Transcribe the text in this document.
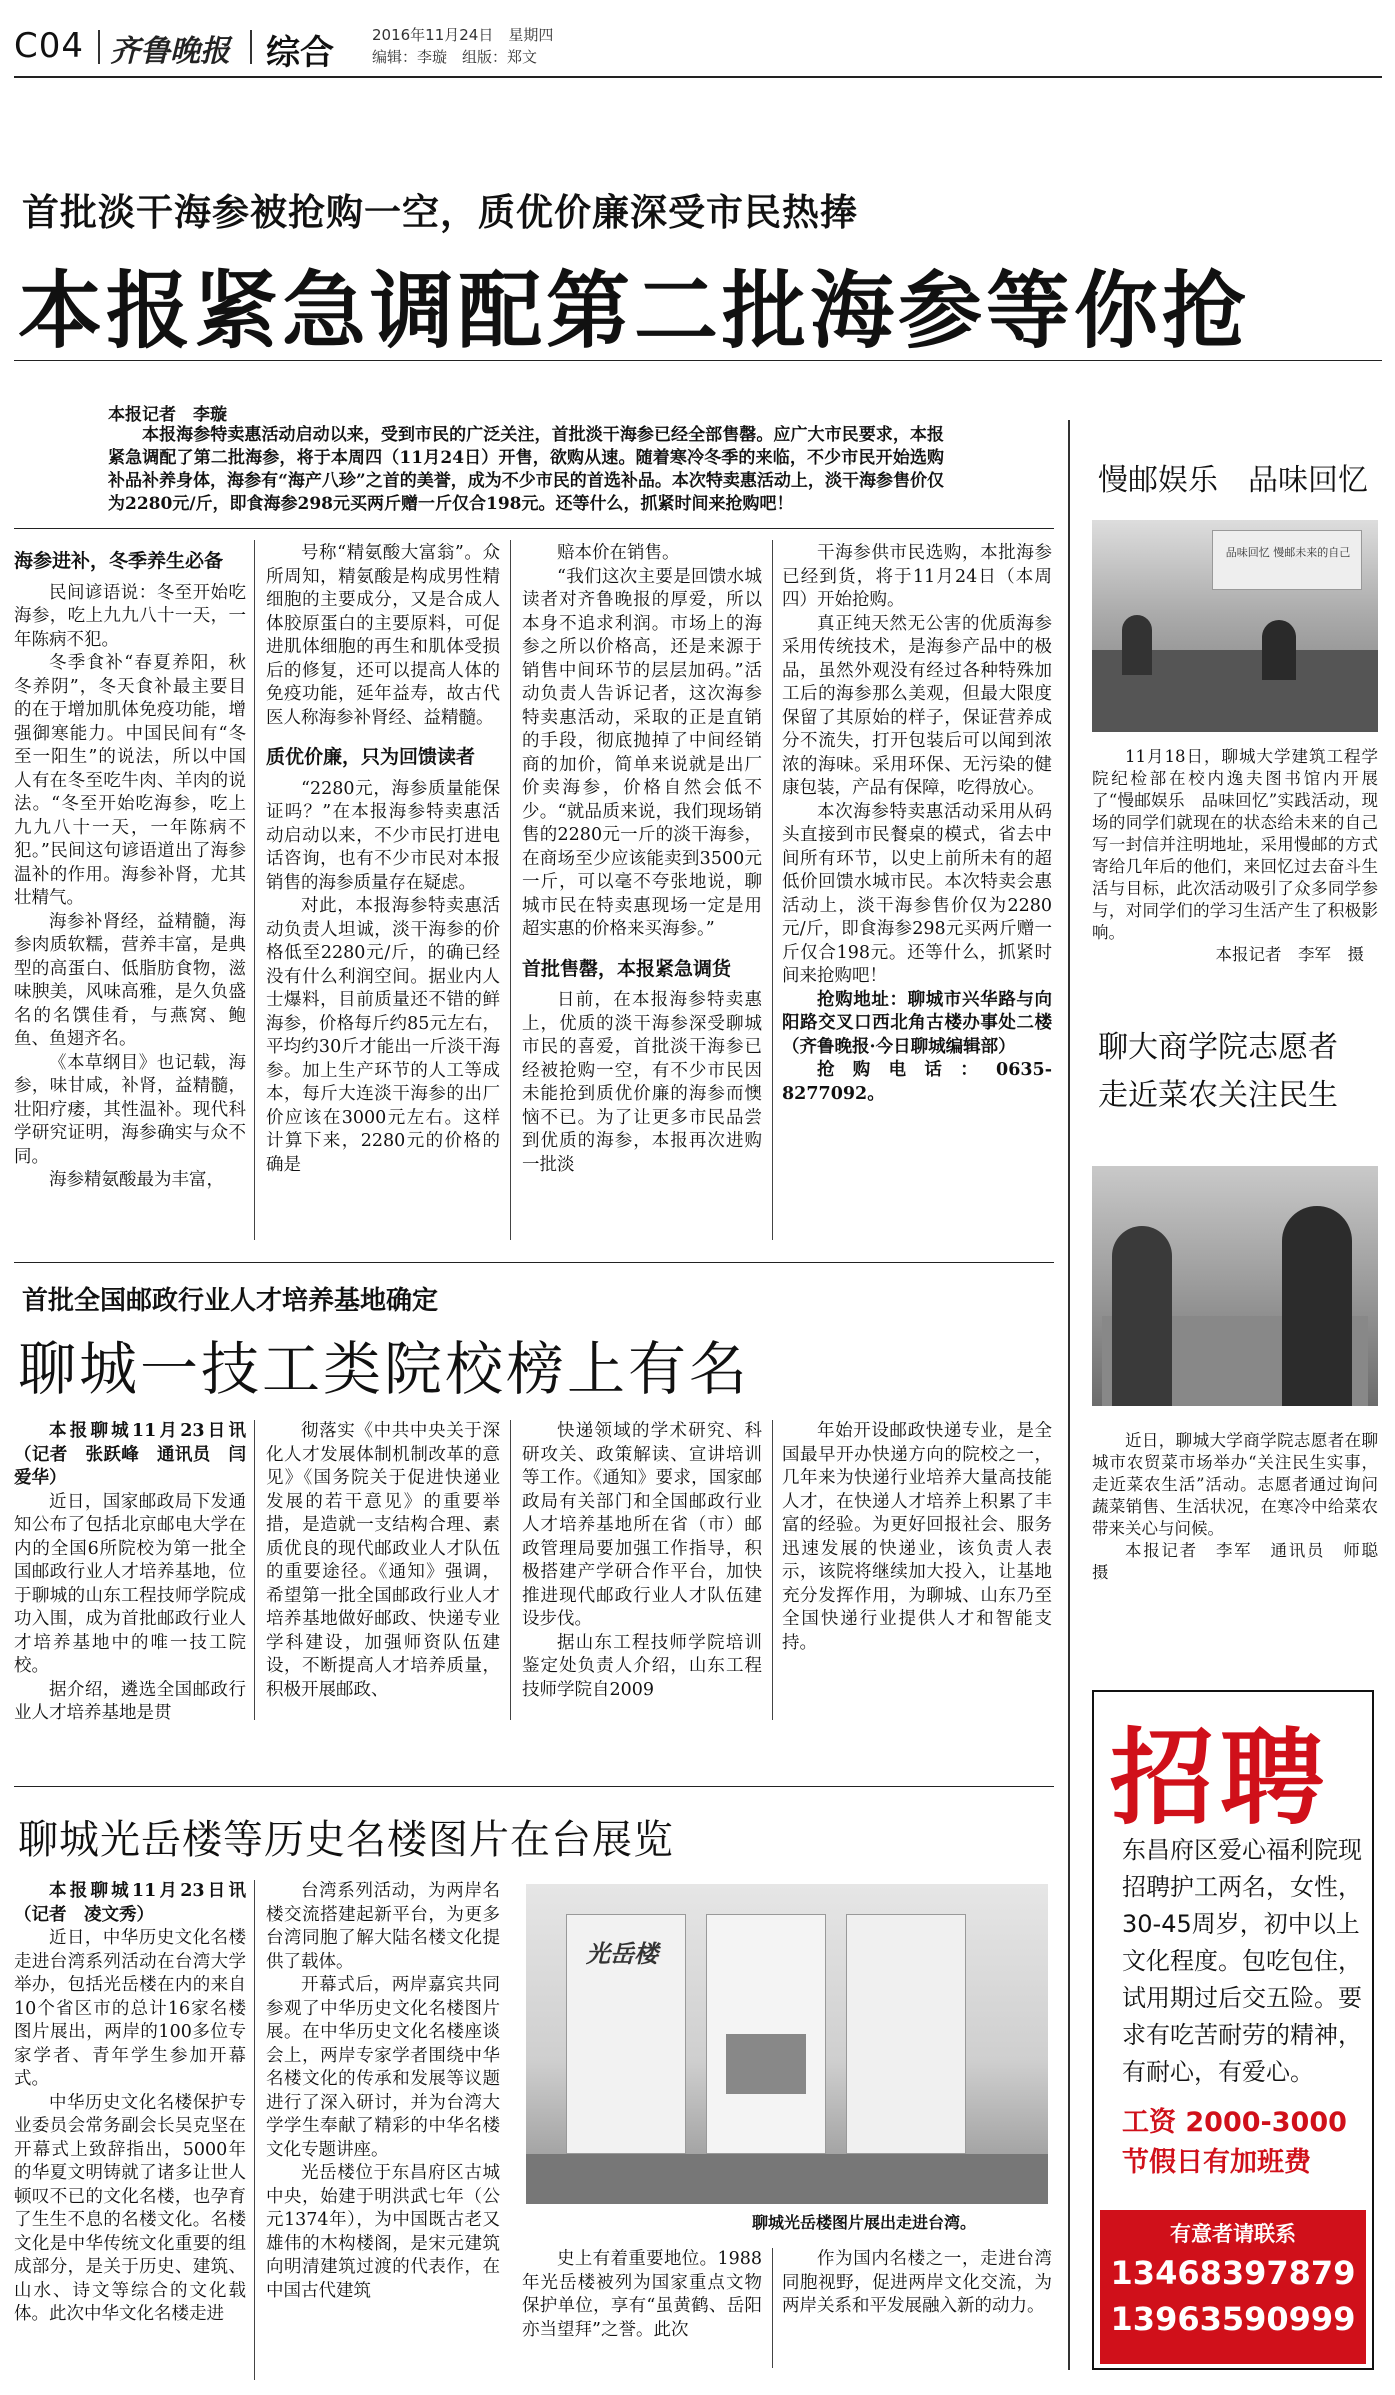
C04 齐鲁晚报 综合	2016年11月24日　星期四
编辑：李璇　组版：郑文
首批淡干海参被抢购一空，质优价廉深受市民热捧
本报紧急调配第二批海参等你抢
本报记者　李璇

本报海参特卖惠活动启动以来，受到市民的广泛关注，首批淡干海参已经全部售罄。应广大市民要求，本报紧急调配了第二批海参，将于本周四（11月24日）开售，欲购从速。随着寒冷冬季的来临，不少市民开始选购补品补养身体，海参有“海产八珍”之首的美誉，成为不少市民的首选补品。本次特卖惠活动上，淡干海参售价仅为2280元/斤，即食海参298元买两斤赠一斤仅合198元。还等什么，抓紧时间来抢购吧！

海参进补，冬季养生必备

民间谚语说：冬至开始吃海参，吃上九九八十一天，一年陈病不犯。

冬季食补“春夏养阳，秋冬养阴”，冬天食补最主要目的在于增加肌体免疫功能，增强御寒能力。中国民间有“冬至一阳生”的说法，所以中国人有在冬至吃牛肉、羊肉的说法。“冬至开始吃海参，吃上九九八十一天，一年陈病不犯。”民间这句谚语道出了海参温补的作用。海参补肾，尤其壮精气。

海参补肾经，益精髓，海参肉质软糯，营养丰富，是典型的高蛋白、低脂肪食物，滋味腴美，风味高雅，是久负盛名的名馔佳肴，与燕窝、鲍鱼、鱼翅齐名。

《本草纲目》也记载，海参，味甘咸，补肾，益精髓，壮阳疗痿，其性温补。现代科学研究证明，海参确实与众不同。

海参精氨酸最为丰富，

号称“精氨酸大富翁”。众所周知，精氨酸是构成男性精细胞的主要成分，又是合成人体胶原蛋白的主要原料，可促进肌体细胞的再生和肌体受损后的修复，还可以提高人体的免疫功能，延年益寿，故古代医人称海参补肾经、益精髓。

质优价廉，只为回馈读者

“2280元，海参质量能保证吗？”在本报海参特卖惠活动启动以来，不少市民打进电话咨询，也有不少市民对本报销售的海参质量存在疑虑。

对此，本报海参特卖惠活动负责人坦诚，淡干海参的价格低至2280元/斤，的确已经没有什么利润空间。据业内人士爆料，目前质量还不错的鲜海参，价格每斤约85元左右，平均约30斤才能出一斤淡干海参。加上生产环节的人工等成本，每斤大连淡干海参的出厂价应该在3000元左右。这样计算下来，2280元的价格的确是

赔本价在销售。

“我们这次主要是回馈水城读者对齐鲁晚报的厚爱，所以本身不追求利润。市场上的海参之所以价格高，还是来源于销售中间环节的层层加码。”活动负责人告诉记者，这次海参特卖惠活动，采取的正是直销的手段，彻底抛掉了中间经销商的加价，简单来说就是出厂价卖海参，价格自然会低不少。“就品质来说，我们现场销售的2280元一斤的淡干海参，在商场至少应该能卖到3500元一斤，可以毫不夸张地说，聊城市民在特卖惠现场一定是用超实惠的价格来买海参。”

首批售罄，本报紧急调货

日前，在本报海参特卖惠上，优质的淡干海参深受聊城市民的喜爱，首批淡干海参已经被抢购一空，有不少市民因未能抢到质优价廉的海参而懊恼不已。为了让更多市民品尝到优质的海参，本报再次进购一批淡

干海参供市民选购，本批海参已经到货，将于11月24日（本周四）开始抢购。

真正纯天然无公害的优质海参采用传统技术，是海参产品中的极品，虽然外观没有经过各种特殊加工后的海参那么美观，但最大限度保留了其原始的样子，保证营养成分不流失，打开包装后可以闻到浓浓的海味。采用环保、无污染的健康包装，产品有保障，吃得放心。

本次海参特卖惠活动采用从码头直接到市民餐桌的模式，省去中间所有环节，以史上前所未有的超低价回馈水城市民。本次特卖会惠活动上，淡干海参售价仅为2280元/斤，即食海参298元买两斤赠一斤仅合198元。还等什么，抓紧时间来抢购吧！

抢购地址：聊城市兴华路与向阳路交叉口西北角古楼办事处二楼（齐鲁晚报·今日聊城编辑部）
抢购电话：0635-8277092。
慢邮娱乐　品味回忆
品味回忆 慢邮未来的自己

11月18日，聊城大学建筑工程学院纪检部在校内逸夫图书馆内开展了“慢邮娱乐　品味回忆”实践活动，现场的同学们就现在的状态给未来的自己写一封信并注明地址，采用慢邮的方式寄给几年后的他们，来回忆过去奋斗生活与目标，此次活动吸引了众多同学参与，对同学们的学习生活产生了积极影响。

本报记者　李军　摄
聊大商学院志愿者
走近菜农关注民生

近日，聊城大学商学院志愿者在聊城市农贸菜市场举办“关注民生实事，走近菜农生活”活动。志愿者通过询问蔬菜销售、生活状况，在寒冷中给菜农带来关心与问候。

本报记者　李军　通讯员　师聪　摄
招聘
东昌府区爱心福利院现招聘护工两名，女性，30-45周岁，初中以上文化程度。包吃包住，试用期过后交五险。要求有吃苦耐劳的精神，有耐心，有爱心。
工资 2000-3000
节假日有加班费
有意者请联系
13468397879
13963590999
首批全国邮政行业人才培养基地确定
聊城一技工类院校榜上有名
本报聊城11月23日讯（记者　张跃峰　通讯员　闫爱华）

近日，国家邮政局下发通知公布了包括北京邮电大学在内的全国6所院校为第一批全国邮政行业人才培养基地，位于聊城的山东工程技师学院成功入围，成为首批邮政行业人才培养基地中的唯一技工院校。

据介绍，遴选全国邮政行业人才培养基地是贯

彻落实《中共中央关于深化人才发展体制机制改革的意见》《国务院关于促进快递业发展的若干意见》的重要举措，是造就一支结构合理、素质优良的现代邮政业人才队伍的重要途径。《通知》强调，希望第一批全国邮政行业人才培养基地做好邮政、快递专业学科建设，加强师资队伍建设，不断提高人才培养质量，积极开展邮政、

快递领域的学术研究、科研攻关、政策解读、宣讲培训等工作。《通知》要求，国家邮政局有关部门和全国邮政行业人才培养基地所在省（市）邮政管理局要加强工作指导，积极搭建产学研合作平台，加快推进现代邮政行业人才队伍建设步伐。

据山东工程技师学院培训鉴定处负责人介绍，山东工程技师学院自2009

年始开设邮政快递专业，是全国最早开办快递方向的院校之一，几年来为快递行业培养大量高技能人才，在快递人才培养上积累了丰富的经验。为更好回报社会、服务迅速发展的快递业，该负责人表示，该院将继续加大投入，让基地充分发挥作用，为聊城、山东乃至全国快递行业提供人才和智能支持。

聊城光岳楼等历史名楼图片在台展览
本报聊城11月23日讯（记者　凌文秀）

近日，中华历史文化名楼走进台湾系列活动在台湾大学举办，包括光岳楼在内的来自10个省区市的总计16家名楼图片展出，两岸的100多位专家学者、青年学生参加开幕式。

中华历史文化名楼保护专业委员会常务副会长吴克坚在开幕式上致辞指出，5000年的华夏文明铸就了诸多让世人顿叹不已的文化名楼，也孕育了生生不息的名楼文化。名楼文化是中华传统文化重要的组成部分，是关于历史、建筑、山水、诗文等综合的文化载体。此次中华文化名楼走进

台湾系列活动，为两岸名楼交流搭建起新平台，为更多台湾同胞了解大陆名楼文化提供了载体。

开幕式后，两岸嘉宾共同参观了中华历史文化名楼图片展。在中华历史文化名楼座谈会上，两岸专家学者围绕中华名楼文化的传承和发展等议题进行了深入研讨，并为台湾大学学生奉献了精彩的中华名楼文化专题讲座。

光岳楼位于东昌府区古城中央，始建于明洪武七年（公元1374年），为中国既古老又雄伟的木构楼阁，是宋元建筑向明清建筑过渡的代表作，在中国古代建筑

光岳楼
聊城光岳楼图片展出走进台湾。

史上有着重要地位。1988年光岳楼被列为国家重点文物保护单位，享有“虽黄鹤、岳阳亦当望拜”之誉。此次

作为国内名楼之一，走进台湾同胞视野，促进两岸文化交流，为两岸关系和平发展融入新的动力。
